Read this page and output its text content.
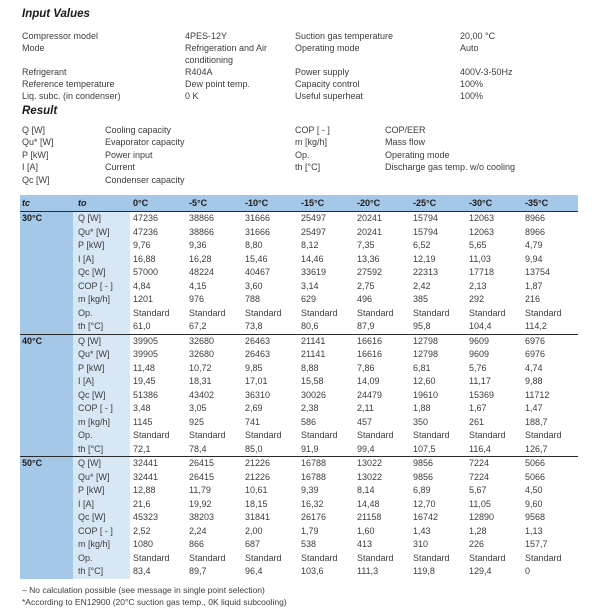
Input Values
Compressor model	4PES-12Y	Suction gas temperature	20,00 °C
Mode	Refrigeration and Air conditioning
Operating mode	Auto
Refrigerant	R404A	Power supply	400V-3-50Hz
Reference temperature	Dew point temp.	Capacity control	100%
Liq. subc. (in condenser)	0 K	Useful superheat	100%
Result
Q [W]	Cooling capacity	COP [ - ]	COP/EER
Qu* [W]	Evaporator capacity	m [kg/h]	Mass flow
P [kW]	Power input	Op.	Operating mode
I [A]	Current	th [°C]	Discharge gas temp. w/o cooling
Qc [W]	Condenser capacity
tc	to	0°C	-5°C	-10°C	-15°C	-20°C	-25°C	-30°C	-35°C
30°C	Q [W]	47236	38866	31666	25497	20241	15794	12063	8966
Qu* [W]	47236	38866	31666	25497	20241	15794	12063	8966
P [kW]	9,76	9,36	8,80	8,12	7,35	6,52	5,65	4,79
I [A]	16,88	16,28	15,46	14,46	13,36	12,19	11,03	9,94
Qc [W]	57000	48224	40467	33619	27592	22313	17718	13754
COP [ - ]	4,84	4,15	3,60	3,14	2,75	2,42	2,13	1,87
m [kg/h]	1201	976	788	629	496	385	292	216
Op.	Standard	Standard	Standard	Standard	Standard	Standard	Standard	Standard
th [°C]	61,0	67,2	73,8	80,6	87,9	95,8	104,4	114,2
40°C	Q [W]	39905	32680	26463	21141	16616	12798	9609	6976
Qu* [W]	39905	32680	26463	21141	16616	12798	9609	6976
P [kW]	11,48	10,72	9,85	8,88	7,86	6,81	5,76	4,74
I [A]	19,45	18,31	17,01	15,58	14,09	12,60	11,17	9,88
Qc [W]	51386	43402	36310	30026	24479	19610	15369	11712
COP [ - ]	3,48	3,05	2,69	2,38	2,11	1,88	1,67	1,47
m [kg/h]	1145	925	741	586	457	350	261	188,7
Op.	Standard	Standard	Standard	Standard	Standard	Standard	Standard	Standard
th [°C]	72,1	78,4	85,0	91,9	99,4	107,5	116,4	126,7
50°C	Q [W]	32441	26415	21226	16788	13022	9856	7224	5066
Qu* [W]	32441	26415	21226	16788	13022	9856	7224	5066
P [kW]	12,88	11,79	10,61	9,39	8,14	6,89	5,67	4,50
I [A]	21,6	19,92	18,15	16,32	14,48	12,70	11,05	9,60
Qc [W]	45323	38203	31841	26176	21158	16742	12890	9568
COP [ - ]	2,52	2,24	2,00	1,79	1,60	1,43	1,28	1,13
m [kg/h]	1080	866	687	538	413	310	226	157,7
Op.	Standard	Standard	Standard	Standard	Standard	Standard	Standard	Standard
th [°C]	83,4	89,7	96,4	103,6	111,3	119,8	129,4	0
– No calculation possible (see message in single point selection)
*According to EN12900 (20°C suction gas temp., 0K liquid subcooling)
